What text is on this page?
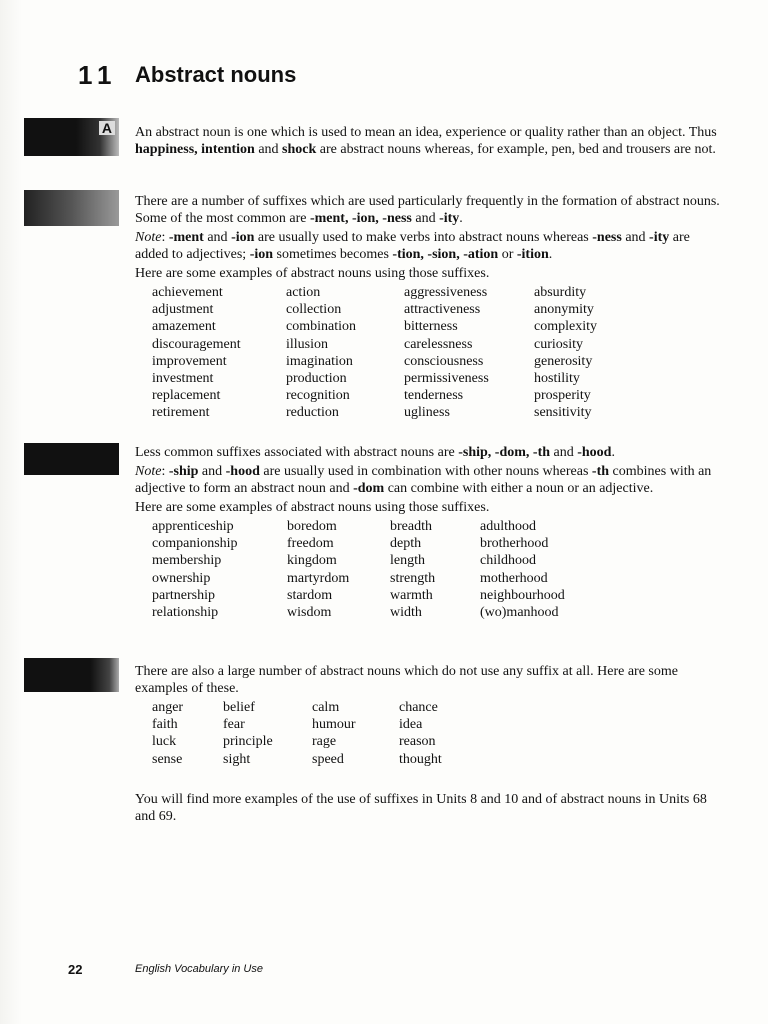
11 Abstract nouns
A An abstract noun is one which is used to mean an idea, experience or quality rather than an object. Thus happiness, intention and shock are abstract nouns whereas, for example, pen, bed and trousers are not.

There are a number of suffixes which are used particularly frequently in the formation of abstract nouns. Some of the most common are -ment, -ion, -ness and -ity.

Note: -ment and -ion are usually used to make verbs into abstract nouns whereas -ness and -ity are added to adjectives; -ion sometimes becomes -tion, -sion, -ation or -ition.

Here are some examples of abstract nouns using those suffixes.

achievement	action	aggressiveness	absurdity
adjustment	collection	attractiveness	anonymity
amazement	combination	bitterness	complexity
discouragement	illusion	carelessness	curiosity
improvement	imagination	consciousness	generosity
investment	production	permissiveness	hostility
replacement	recognition	tenderness	prosperity
retirement	reduction	ugliness	sensitivity

Less common suffixes associated with abstract nouns are -ship, -dom, -th and -hood.

Note: -ship and -hood are usually used in combination with other nouns whereas -th combines with an adjective to form an abstract noun and -dom can combine with either a noun or an adjective.

Here are some examples of abstract nouns using those suffixes.

apprenticeship	boredom	breadth	adulthood
companionship	freedom	depth	brotherhood
membership	kingdom	length	childhood
ownership	martyrdom	strength	motherhood
partnership	stardom	warmth	neighbourhood
relationship	wisdom	width	(wo)manhood

There are also a large number of abstract nouns which do not use any suffix at all. Here are some examples of these.

anger	belief	calm	chance
faith	fear	humour	idea
luck	principle	rage	reason
sense	sight	speed	thought

You will find more examples of the use of suffixes in Units 8 and 10 and of abstract nouns in Units 68 and 69.

22	English Vocabulary in Use
